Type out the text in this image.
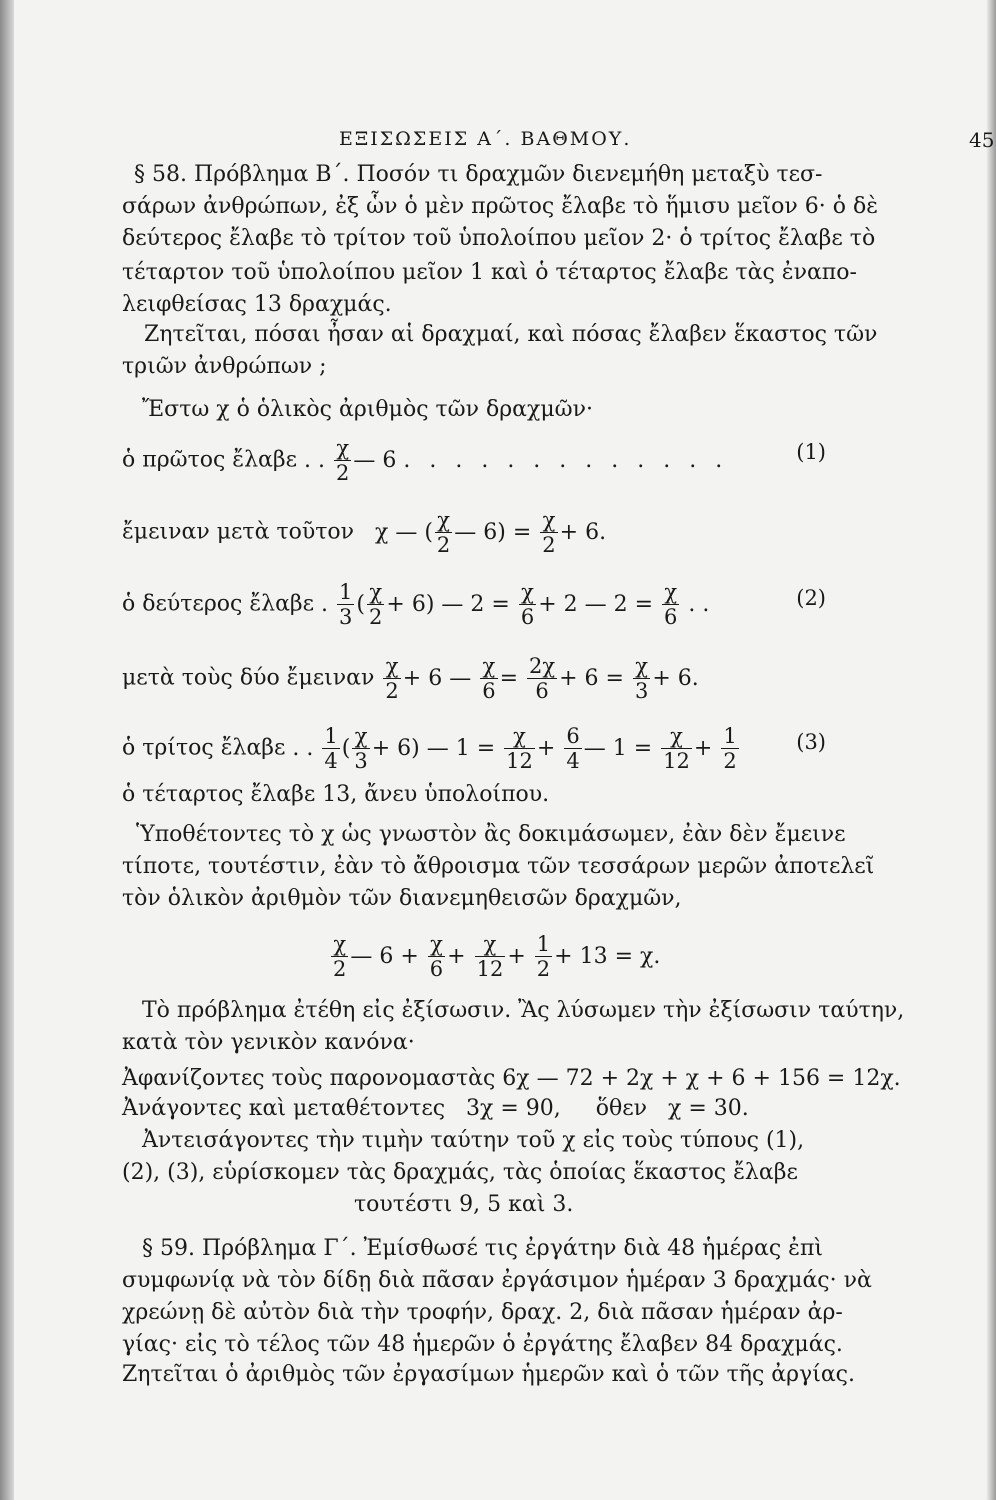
ΕΞΙΣΩΣΕΙΣ Α΄. ΒΑΘΜΟΥ.	45
§ 58. Πρόβλημα Β΄. Ποσόν τι δραχμῶν διενεμήθη μεταξὺ τεσ-
σάρων ἀνθρώπων, ἐξ ὧν ὁ μὲν πρῶτος ἔλαβε τὸ ἥμισυ μεῖον 6· ὁ δὲ
δεύτερος ἔλαβε τὸ τρίτον τοῦ ὑπολοίπου μεῖον 2· ὁ τρίτος ἔλαβε τὸ
τέταρτον τοῦ ὑπολοίπου μεῖον 1 καὶ ὁ τέταρτος ἔλαβε τὰς ἐναπο-
λειφθείσας 13 δραχμάς.
Ζητεῖται, πόσαι ἦσαν αἱ δραχμαί, καὶ πόσας ἔλαβεν ἕκαστος τῶν
τριῶν ἀνθρώπων ;
Ἔστω χ ὁ ὁλικὸς ἀριθμὸς τῶν δραχμῶν·
ὁ πρῶτος ἔλαβε . . $\frac{\chi}{2}$ — 6 . . . . . . . . . . . . .	(1)
ἔμειναν μετὰ τοῦτον   χ — ( $\frac{\chi}{2}$ — $6) = \frac{\chi}{2} + 6$.
ὁ δεύτερος ἔλαβε . $\frac{1}{3}$ ( $\frac{\chi}{2} + 6$) — $2 = \frac{\chi}{6} + 2$ — $2 = \frac{\chi}{6}$ . .	(2)
μετὰ τοὺς δύο ἔμειναν $\frac{\chi}{2} + 6$ — $\frac{\chi}{6} = \frac{2\chi}{6} + 6 = \frac{\chi}{3} + 6$.
ὁ τρίτος ἔλαβε . . $\frac{1}{4}$ ( $\frac{\chi}{3} + 6$) — $1 = \frac{\chi}{12} + \frac{6}{4}$ — $1 = \frac{\chi}{12} + \frac{1}{2}$	(3)
ὁ τέταρτος ἔλαβε 13, ἄνευ ὑπολοίπου.
Ὑποθέτοντες τὸ χ ὡς γνωστὸν ἂς δοκιμάσωμεν, ἐὰν δὲν ἔμεινε
τίποτε, τουτέστιν, ἐὰν τὸ ἄθροισμα τῶν τεσσάρων μερῶν ἀποτελεῖ
τὸν ὁλικὸν ἀριθμὸν τῶν διανεμηθεισῶν δραχμῶν,
$\frac{\chi}{2}$ — $6 + \frac{\chi}{6} + \frac{\chi}{12} + \frac{1}{2} + 13 = \chi$.
Τὸ πρόβλημα ἐτέθη εἰς ἐξίσωσιν. Ἂς λύσωμεν τὴν ἐξίσωσιν ταύτην,
κατὰ τὸν γενικὸν κανόνα·
Ἀφανίζοντες τοὺς παρονομαστὰς 6χ — 72 + 2χ + χ + 6 + 156 = 12χ.
Ἀνάγοντες καὶ μεταθέτοντες 3χ = 90, ὅθεν χ = 30.
Ἀντεισάγοντες τὴν τιμὴν ταύτην τοῦ χ εἰς τοὺς τύπους (1),
(2), (3), εὑρίσκομεν τὰς δραχμάς, τὰς ὁποίας ἕκαστος ἔλαβε
τουτέστι 9, 5 καὶ 3.
§ 59. Πρόβλημα Γ΄. Ἐμίσθωσέ τις ἐργάτην διὰ 48 ἡμέρας ἐπὶ
συμφωνίᾳ νὰ τὸν δίδῃ διὰ πᾶσαν ἐργάσιμον ἡμέραν 3 δραχμάς· νὰ
χρεώνῃ δὲ αὐτὸν διὰ τὴν τροφήν, δραχ. 2, διὰ πᾶσαν ἡμέραν ἀρ-
γίας· εἰς τὸ τέλος τῶν 48 ἡμερῶν ὁ ἐργάτης ἔλαβεν 84 δραχμάς.
Ζητεῖται ὁ ἀριθμὸς τῶν ἐργασίμων ἡμερῶν καὶ ὁ τῶν τῆς ἀργίας.
